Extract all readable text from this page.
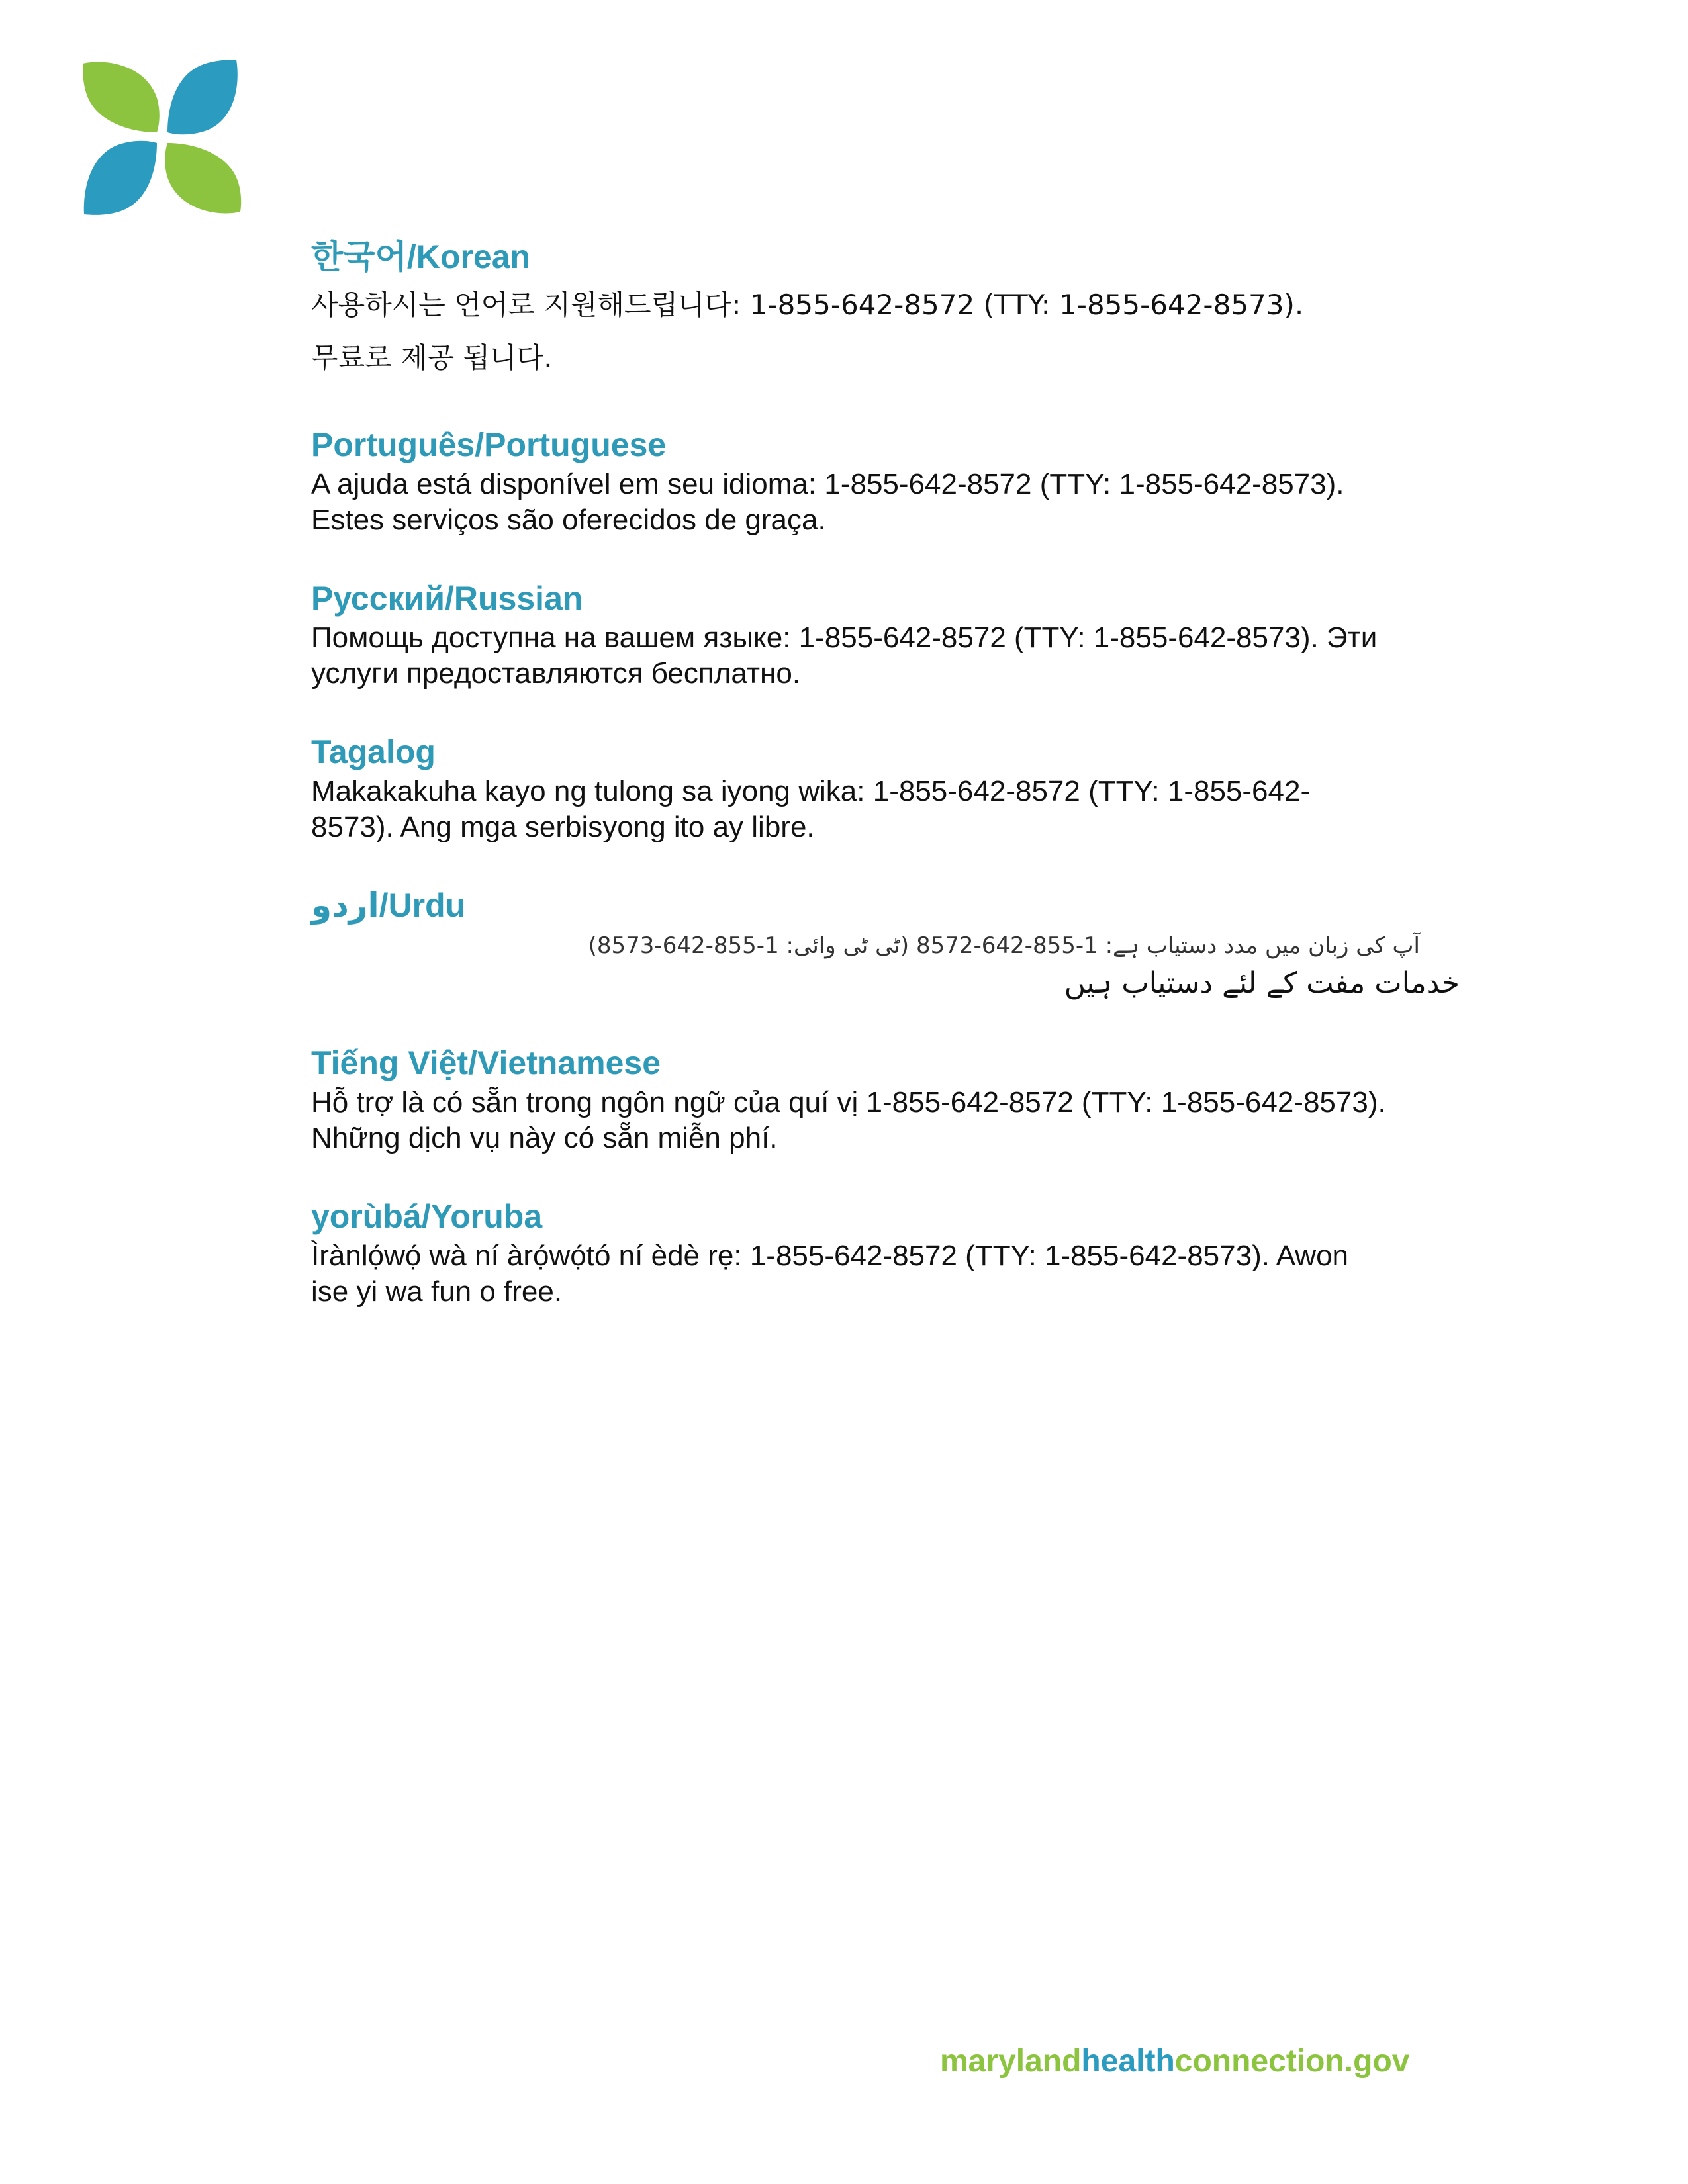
한국어/Korean
사용하시는 언어로 지원해드립니다: 1-855-642-8572 (TTY: 1-855-642-8573).
무료로 제공 됩니다.
Português/Portuguese
A ajuda está disponível em seu idioma: 1-855-642-8572 (TTY: 1-855-642-8573).
Estes serviços são oferecidos de graça.
Русский/Russian
Помощь доступна на вашем языке: 1-855-642-8572 (TTY: 1-855-642-8573). Эти
услуги предоставляются бесплатно.
Tagalog
Makakakuha kayo ng tulong sa iyong wika: 1-855-642-8572 (TTY: 1-855-642-
8573). Ang mga serbisyong ito ay libre.
اردو/Urdu
آپ کی زبان میں مدد دستیاب ہے: 1-855-642-8572 (ٹی ٹی وائی: 1-855-642-8573)
خدمات مفت کے لئے دستیاب ہیں
Tiếng Việt/Vietnamese
Hỗ trợ là có sẵn trong ngôn ngữ của quí vị 1-855-642-8572 (TTY: 1-855-642-8573).
Những dịch vụ này có sẵn miễn phí.
yorùbá/Yoruba
Ìrànlọ́wọ́ wà ní àrọ́wọ́tó ní èdè rẹ: 1-855-642-8572 (TTY: 1-855-642-8573). Awon
ise yi wa fun o free.
marylandhealthconnection.gov
